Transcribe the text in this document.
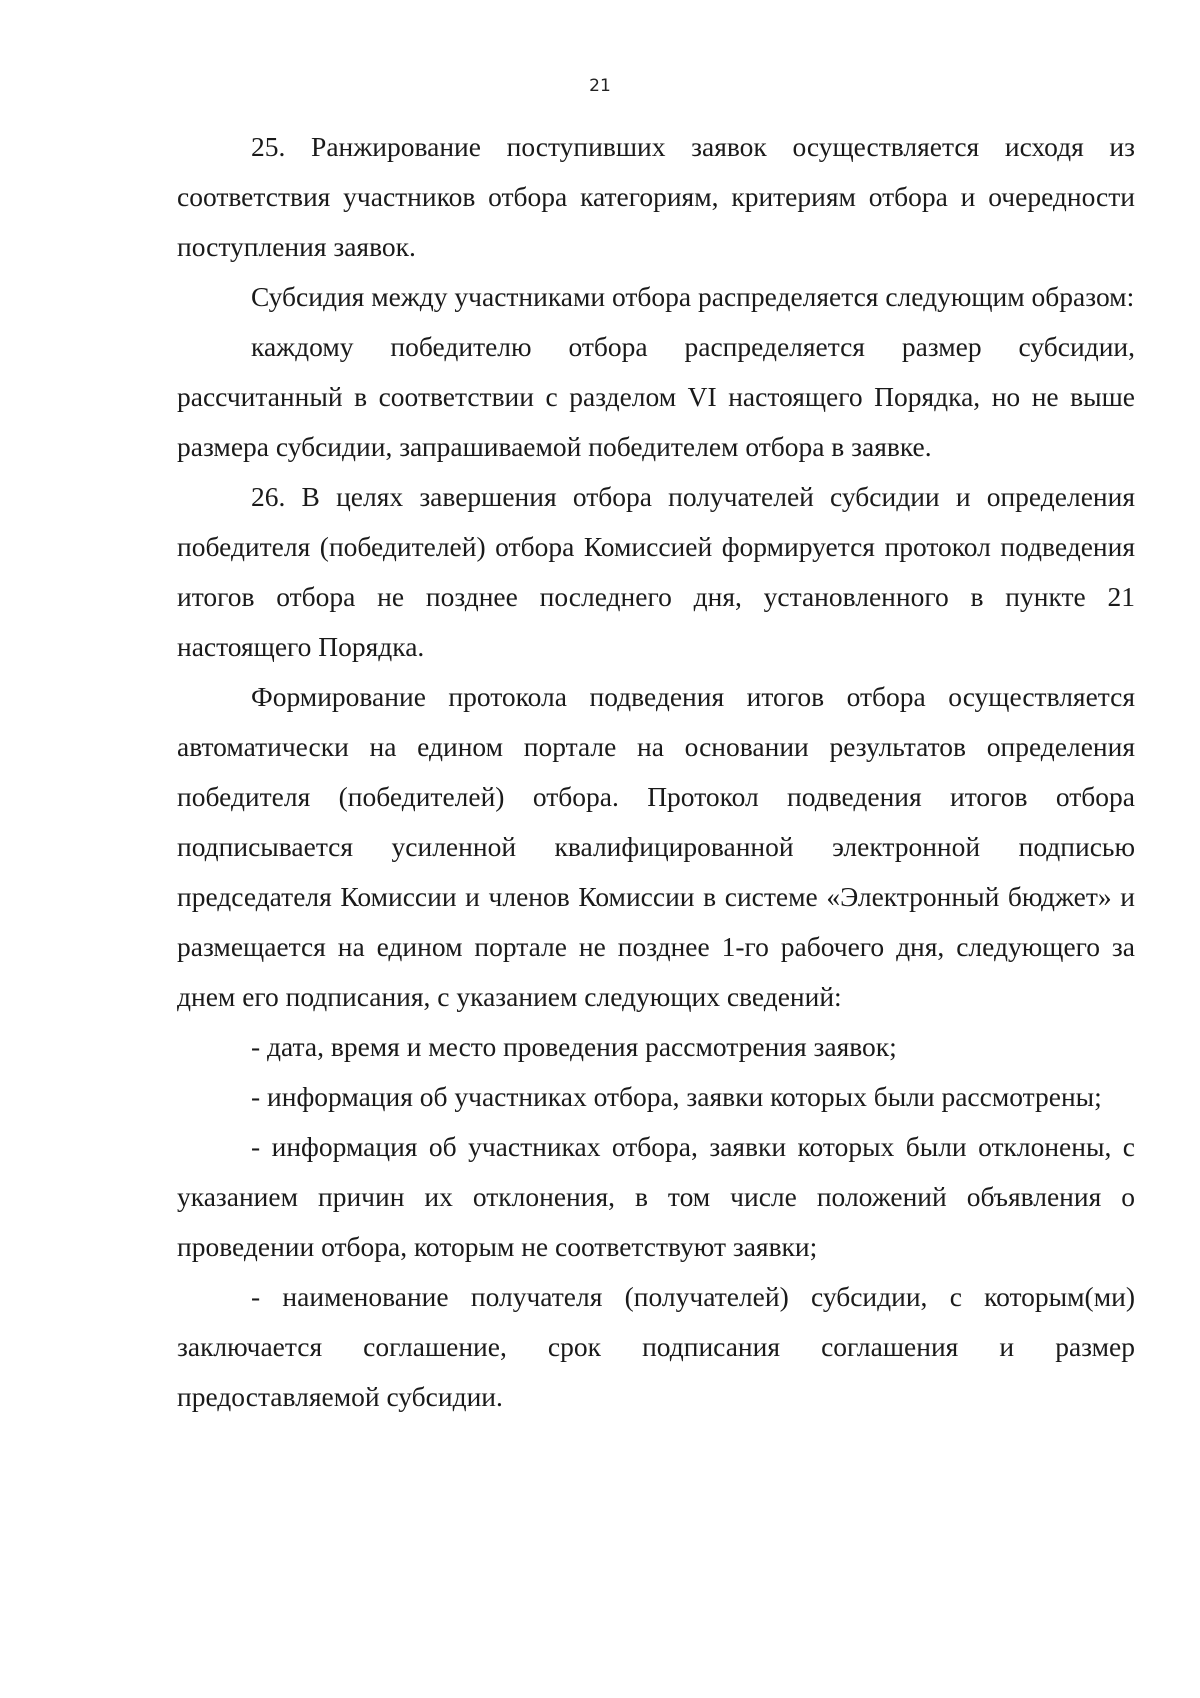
21

25. Ранжирование поступивших заявок осуществляется исходя из соответствия участников отбора категориям, критериям отбора и очередности поступления заявок.

Субсидия между участниками отбора распределяется следующим образом:

каждому победителю отбора распределяется размер субсидии, рассчитанный в соответствии с разделом VI настоящего Порядка, но не выше размера субсидии, запрашиваемой победителем отбора в заявке.

26. В целях завершения отбора получателей субсидии и определения победителя (победителей) отбора Комиссией формируется протокол подведения итогов отбора не позднее последнего дня, установленного в пункте 21 настоящего Порядка.

Формирование протокола подведения итогов отбора осуществляется автоматически на едином портале на основании результатов определения победителя (победителей) отбора. Протокол подведения итогов отбора подписывается усиленной квалифицированной электронной подписью председателя Комиссии и членов Комиссии в системе «Электронный бюджет» и размещается на едином портале не позднее 1-го рабочего дня, следующего за днем его подписания, с указанием следующих сведений:

- дата, время и место проведения рассмотрения заявок;

- информация об участниках отбора, заявки которых были рассмотрены;

- информация об участниках отбора, заявки которых были отклонены, с указанием причин их отклонения, в том числе положений объявления о проведении отбора, которым не соответствуют заявки;

- наименование получателя (получателей) субсидии, с которым(ми) заключается соглашение, срок подписания соглашения и размер предоставляемой субсидии.
